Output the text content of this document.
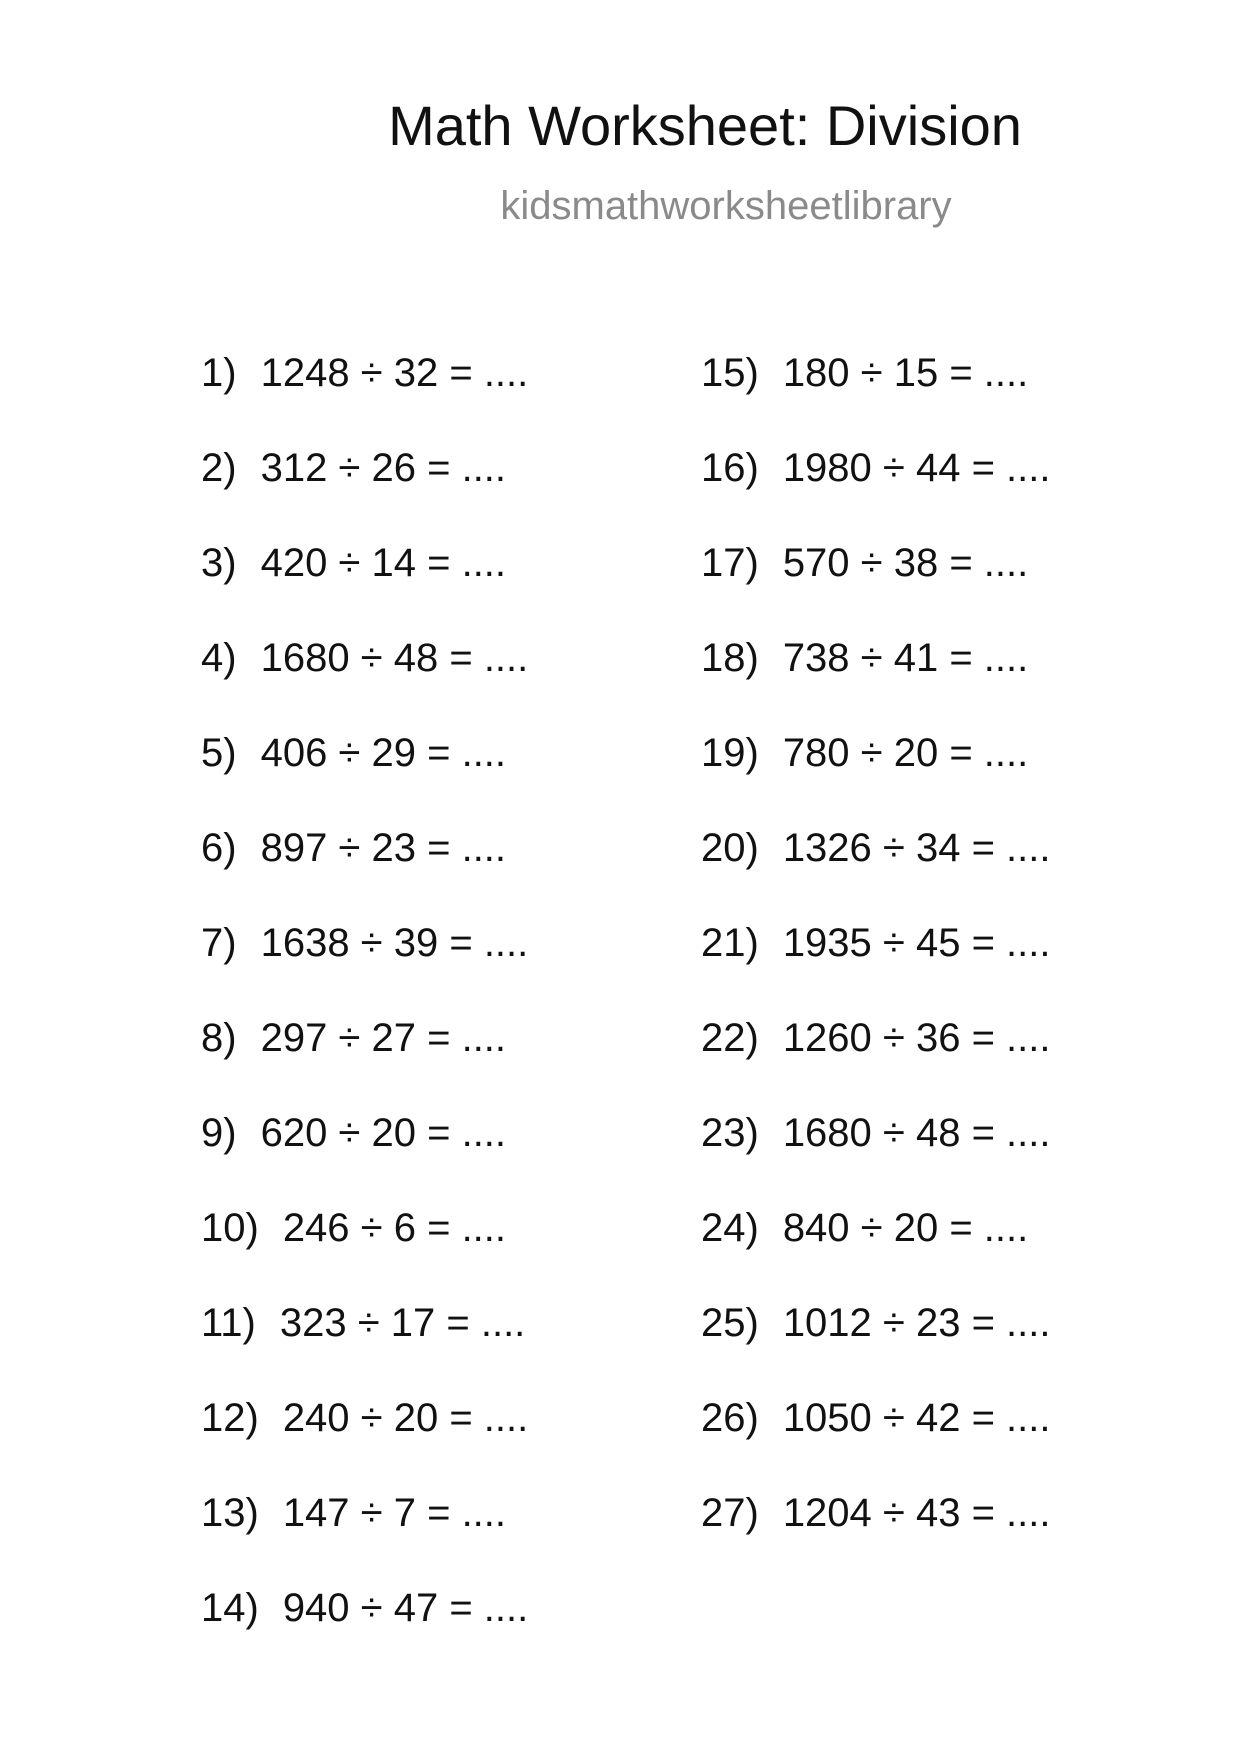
Math Worksheet: Division
kidsmathworksheetlibrary
1) 1248 ÷ 32 = ....
2) 312 ÷ 26 = ....
3) 420 ÷ 14 = ....
4) 1680 ÷ 48 = ....
5) 406 ÷ 29 = ....
6) 897 ÷ 23 = ....
7) 1638 ÷ 39 = ....
8) 297 ÷ 27 = ....
9) 620 ÷ 20 = ....
10) 246 ÷ 6 = ....
11) 323 ÷ 17 = ....
12) 240 ÷ 20 = ....
13) 147 ÷ 7 = ....
14) 940 ÷ 47 = ....
15) 180 ÷ 15 = ....
16) 1980 ÷ 44 = ....
17) 570 ÷ 38 = ....
18) 738 ÷ 41 = ....
19) 780 ÷ 20 = ....
20) 1326 ÷ 34 = ....
21) 1935 ÷ 45 = ....
22) 1260 ÷ 36 = ....
23) 1680 ÷ 48 = ....
24) 840 ÷ 20 = ....
25) 1012 ÷ 23 = ....
26) 1050 ÷ 42 = ....
27) 1204 ÷ 43 = ....
